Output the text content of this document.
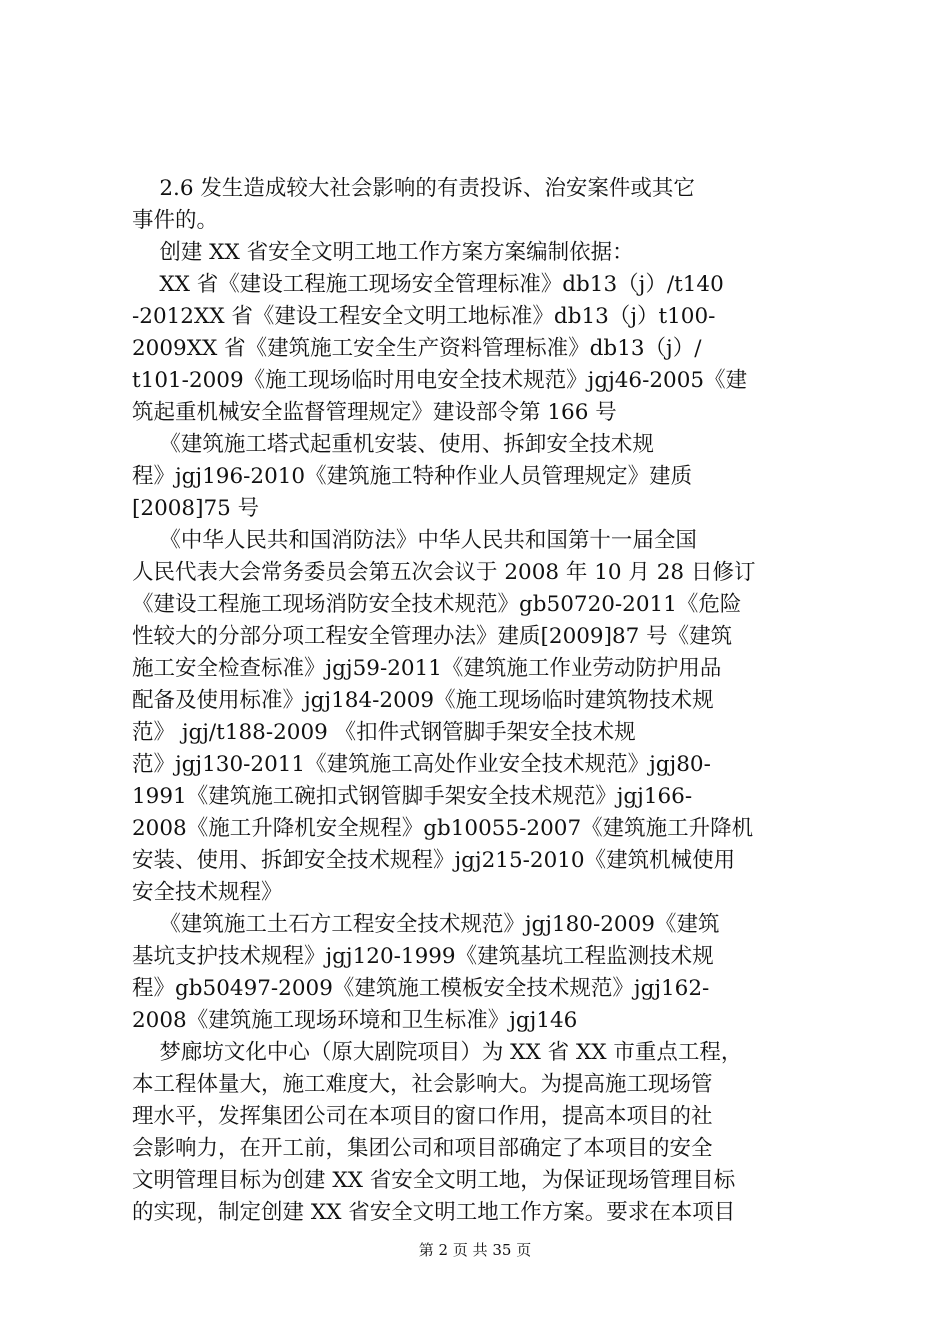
2.6 发生造成较大社会影响的有责投诉、治安案件或其它
事件的。
创建 XX 省安全文明工地工作方案方案编制依据：
XX 省《建设工程施工现场安全管理标准》db13（j）/t140
-2012XX 省《建设工程安全文明工地标准》db13（j）t100-
2009XX 省《建筑施工安全生产资料管理标准》db13（j）/
t101-2009《施工现场临时用电安全技术规范》jgj46-2005《建
筑起重机械安全监督管理规定》建设部令第 166 号
《建筑施工塔式起重机安装、使用、拆卸安全技术规
程》jgj196-2010《建筑施工特种作业人员管理规定》建质
[2008]75 号
《中华人民共和国消防法》中华人民共和国第十一届全国
人民代表大会常务委员会第五次会议于 2008 年 10 月 28 日修订
《建设工程施工现场消防安全技术规范》gb50720-2011《危险
性较大的分部分项工程安全管理办法》建质[2009]87 号《建筑
施工安全检查标准》jgj59-2011《建筑施工作业劳动防护用品
配备及使用标准》jgj184-2009《施工现场临时建筑物技术规
范》 jgj/t188-2009 《扣件式钢管脚手架安全技术规
范》jgj130-2011《建筑施工高处作业安全技术规范》jgj80-
1991《建筑施工碗扣式钢管脚手架安全技术规范》jgj166-
2008《施工升降机安全规程》gb10055-2007《建筑施工升降机
安装、使用、拆卸安全技术规程》jgj215-2010《建筑机械使用
安全技术规程》
《建筑施工土石方工程安全技术规范》jgj180-2009《建筑
基坑支护技术规程》jgj120-1999《建筑基坑工程监测技术规
程》gb50497-2009《建筑施工模板安全技术规范》jgj162-
2008《建筑施工现场环境和卫生标准》jgj146
梦廊坊文化中心（原大剧院项目）为 XX 省 XX 市重点工程，
本工程体量大，施工难度大，社会影响大。为提高施工现场管
理水平，发挥集团公司在本项目的窗口作用，提高本项目的社
会影响力，在开工前，集团公司和项目部确定了本项目的安全
文明管理目标为创建 XX 省安全文明工地，为保证现场管理目标
的实现，制定创建 XX 省安全文明工地工作方案。要求在本项目
第 2 页 共 35 页
